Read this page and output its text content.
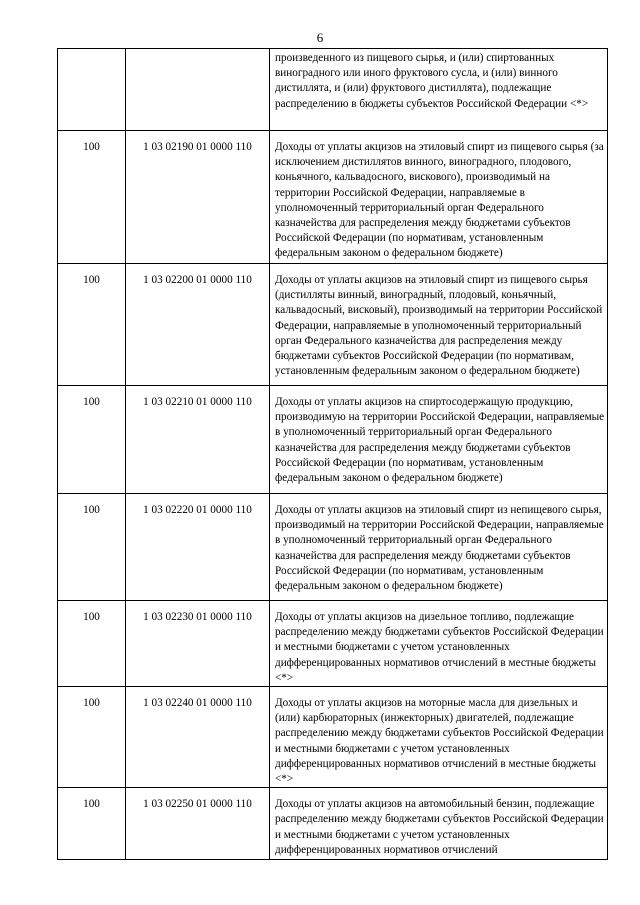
6
		произведенного из пищевого сырья, и (или) спиртованных виноградного или иного фруктового сусла, и (или) винного дистиллята, и (или) фруктового дистиллята), подлежащие распределению в бюджеты субъектов Российской Федерации <*>
100	1 03 02190 01 0000 110	Доходы от уплаты акцизов на этиловый спирт из пищевого сырья (за исключением дистиллятов винного, виноградного, плодового, коньячного, кальвадосного, вискового), производимый на территории Российской Федерации, направляемые в уполномоченный территориальный орган Федерального казначейства для распределения между бюджетами субъектов Российской Федерации (по нормативам, установленным федеральным законом о федеральном бюджете)
100	1 03 02200 01 0000 110	Доходы от уплаты акцизов на этиловый спирт из пищевого сырья (дистилляты винный, виноградный, плодовый, коньячный, кальвадосный, висковый), производимый на территории Российской Федерации, направляемые в уполномоченный территориальный орган Федерального казначейства для распределения между бюджетами субъектов Российской Федерации (по нормативам, установленным федеральным законом о федеральном бюджете)
100	1 03 02210 01 0000 110	Доходы от уплаты акцизов на спиртосодержащую продукцию, производимую на территории Российской Федерации, направляемые в уполномоченный территориальный орган Федерального казначейства для распределения между бюджетами субъектов Российской Федерации (по нормативам, установленным федеральным законом о федеральном бюджете)
100	1 03 02220 01 0000 110	Доходы от уплаты акцизов на этиловый спирт из непищевого сырья, производимый на территории Российской Федерации, направляемые в уполномоченный территориальный орган Федерального казначейства для распределения между бюджетами субъектов Российской Федерации (по нормативам, установленным федеральным законом о федеральном бюджете)
100	1 03 02230 01 0000 110	Доходы от уплаты акцизов на дизельное топливо, подлежащие распределению между бюджетами субъектов Российской Федерации и местными бюджетами с учетом установленных дифференцированных нормативов отчислений в местные бюджеты <*>
100	1 03 02240 01 0000 110	Доходы от уплаты акцизов на моторные масла для дизельных и (или) карбюраторных (инжекторных) двигателей, подлежащие распределению между бюджетами субъектов Российской Федерации и местными бюджетами с учетом установленных дифференцированных нормативов отчислений в местные бюджеты <*>
100	1 03 02250 01 0000 110	Доходы от уплаты акцизов на автомобильный бензин, подлежащие распределению между бюджетами субъектов Российской Федерации и местными бюджетами с учетом установленных дифференцированных нормативов отчислений
